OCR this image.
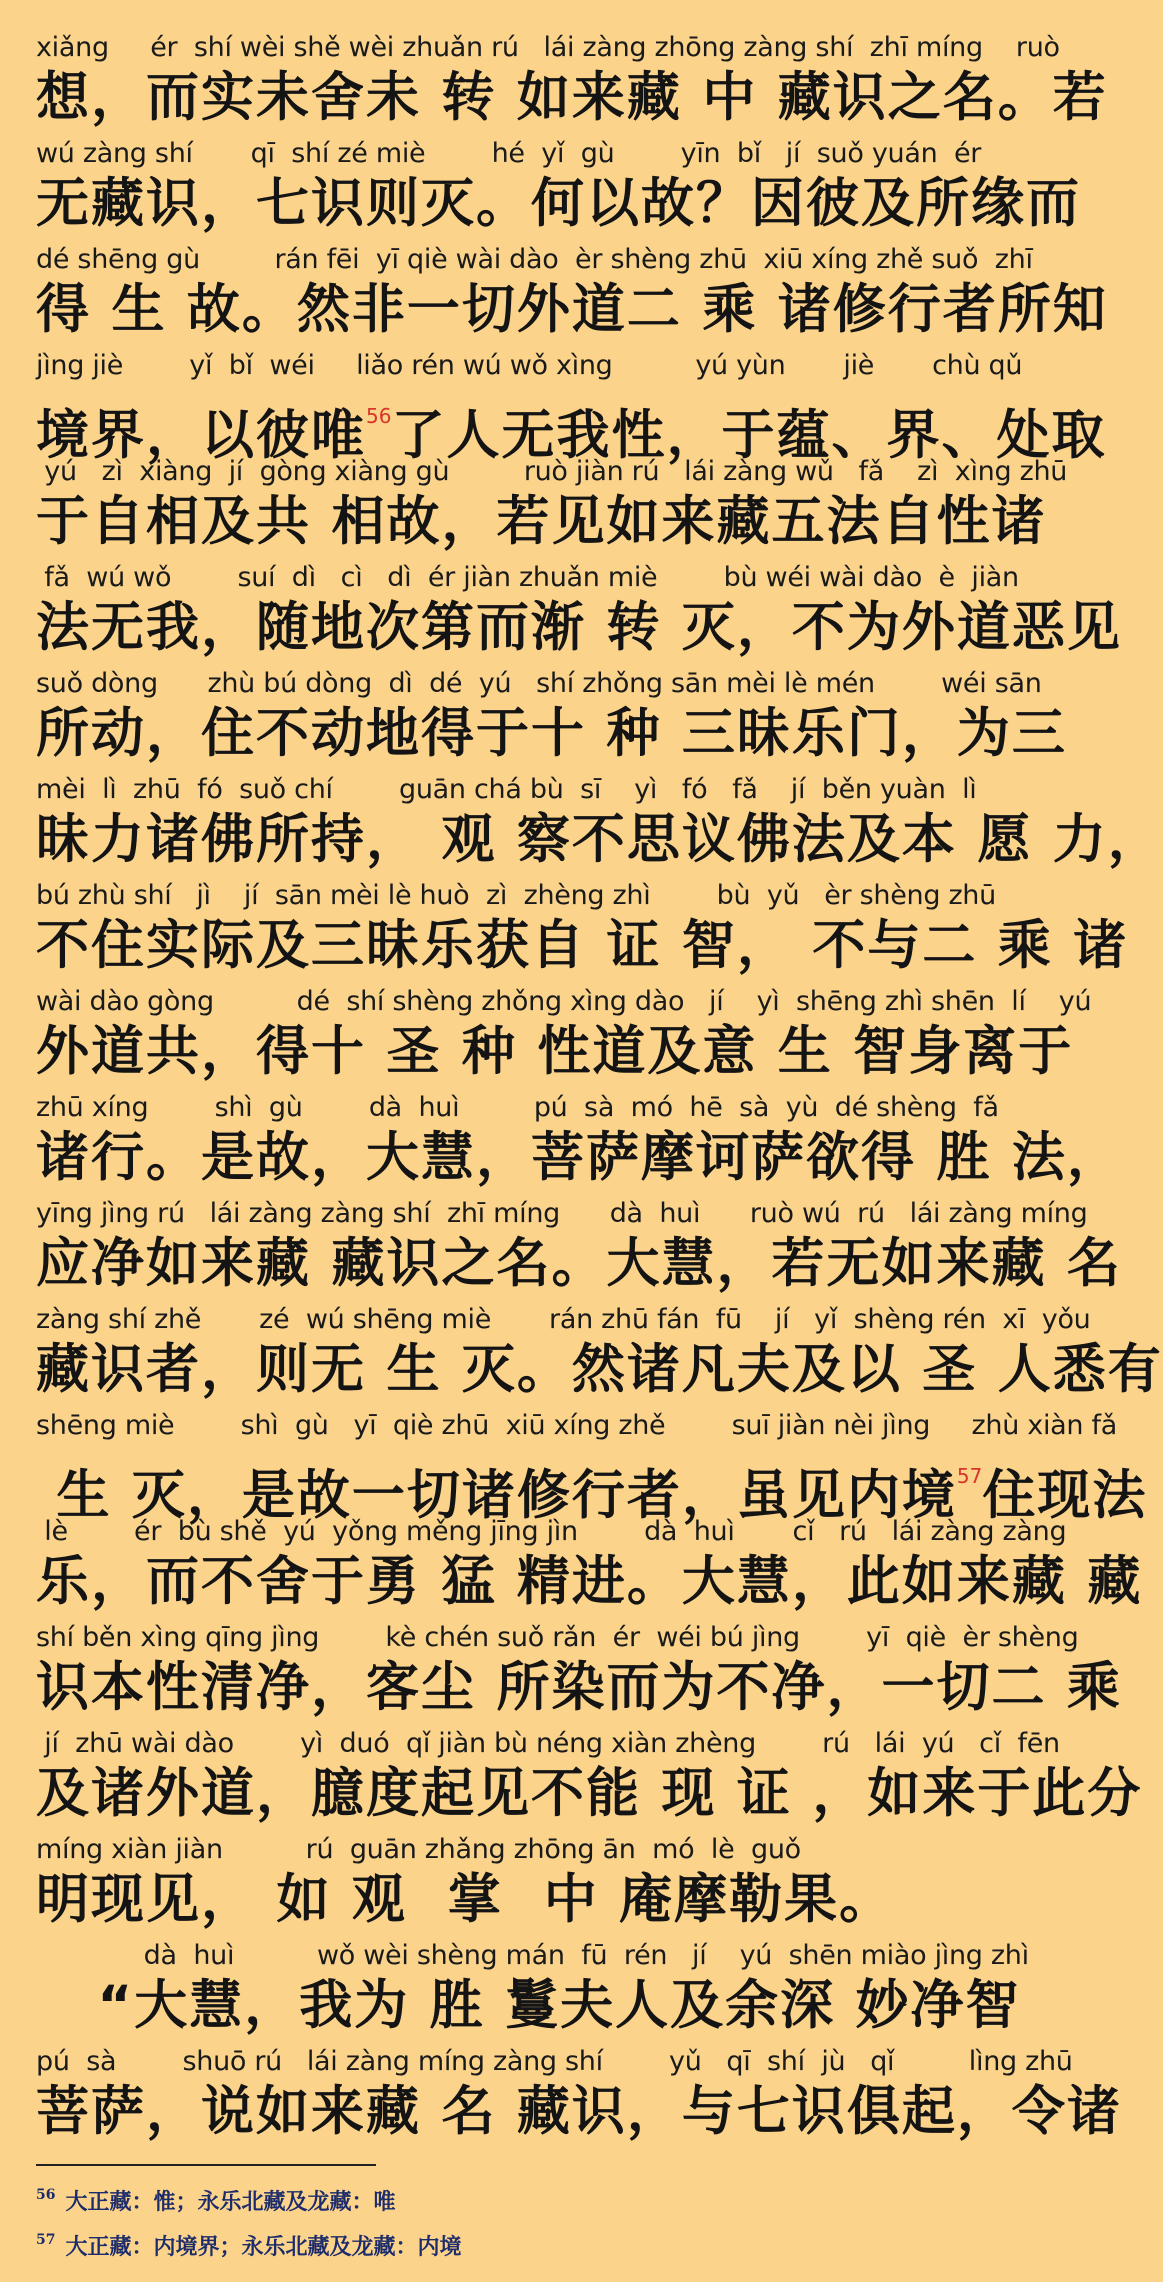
xiǎng     ér  shí wèi shě wèi zhuǎn rú   lái zàng zhōng zàng shí  zhī míng    ruò
想，而实未舍未 转 如来藏 中 藏识之名。若
wú zàng shí       qī  shí zé miè        hé  yǐ  gù        yīn  bǐ   jí  suǒ yuán  ér
无藏识，七识则灭。何以故？因彼及所缘而
dé shēng gù         rán fēi  yī qiè wài dào  èr shèng zhū  xiū xíng zhě suǒ  zhī
得 生 故。然非一切外道二 乘 诸修行者所知
jìng jiè        yǐ  bǐ  wéi     liǎo rén wú wǒ xìng          yú yùn       jiè       chù qǔ
境界，以彼唯$^{56}$了人无我性，于蕴、界、处取
yú   zì  xiàng  jí  gòng xiàng gù         ruò jiàn rú   lái zàng wǔ   fǎ    zì  xìng zhū
于自相及共 相故，若见如来藏五法自性诸
fǎ  wú wǒ        suí  dì   cì   dì  ér jiàn zhuǎn miè        bù wéi wài dào  è  jiàn
法无我，随地次第而渐 转 灭，不为外道恶见
suǒ dòng      zhù bú dòng  dì  dé  yú   shí zhǒng sān mèi lè mén        wéi sān
所动，住不动地得于十 种 三昧乐门，为三
mèi  lì  zhū  fó  suǒ chí        guān chá bù  sī    yì   fó   fǎ    jí  běn yuàn  lì
昧力诸佛所持， 观 察不思议佛法及本 愿 力，
bú zhù shí   jì    jí  sān mèi lè huò  zì  zhèng zhì        bù  yǔ   èr shèng zhū
不住实际及三昧乐获自 证 智， 不与二 乘 诸
wài dào gòng          dé  shí shèng zhǒng xìng dào   jí    yì  shēng zhì shēn  lí    yú
外道共，得十 圣 种 性道及意 生 智身离于
zhū xíng        shì  gù        dà  huì         pú  sà  mó  hē  sà  yù  dé shèng  fǎ
诸行。是故，大慧，菩萨摩诃萨欲得 胜 法，
yīng jìng rú   lái zàng zàng shí  zhī míng      dà  huì      ruò wú  rú   lái zàng míng
应净如来藏 藏识之名。大慧，若无如来藏 名
zàng shí zhě       zé  wú shēng miè       rán zhū fán  fū    jí   yǐ  shèng rén  xī  yǒu
藏识者，则无 生 灭。然诸凡夫及以 圣 人悉有
shēng miè        shì  gù   yī  qiè zhū  xiū xíng zhě        suī jiàn nèi jìng     zhù xiàn fǎ
生 灭，是故一切诸修行者，虽见内境$^{57}$住现法
lè        ér  bù shě  yú  yǒng měng jīng jìn        dà  huì       cǐ   rú   lái zàng zàng
乐，而不舍于勇 猛 精进。大慧，此如来藏 藏
shí běn xìng qīng jìng        kè chén suǒ rǎn  ér  wéi bú jìng        yī  qiè  èr shèng
识本性清净，客尘 所染而为不净，一切二 乘
jí  zhū wài dào        yì  duó  qǐ jiàn bù néng xiàn zhèng        rú   lái  yú   cǐ  fēn
及诸外道，臆度起见不能 现 证 ，如来于此分
míng xiàn jiàn          rú  guān zhǎng zhōng ān  mó  lè  guǒ
明现见， 如 观  掌  中 庵摩勒果。
dà  huì          wǒ wèi shèng mán  fū  rén   jí    yú  shēn miào jìng zhì
“大慧，我为 胜 鬘夫人及余深 妙净智
pú  sà        shuō rú   lái zàng míng zàng shí        yǔ   qī  shí  jù   qǐ         lìng zhū
菩萨，说如来藏 名 藏识，与七识俱起，令诸
$^{56}$ 大正藏：惟；永乐北藏及龙藏：唯
$^{57}$ 大正藏：内境界；永乐北藏及龙藏：内境
